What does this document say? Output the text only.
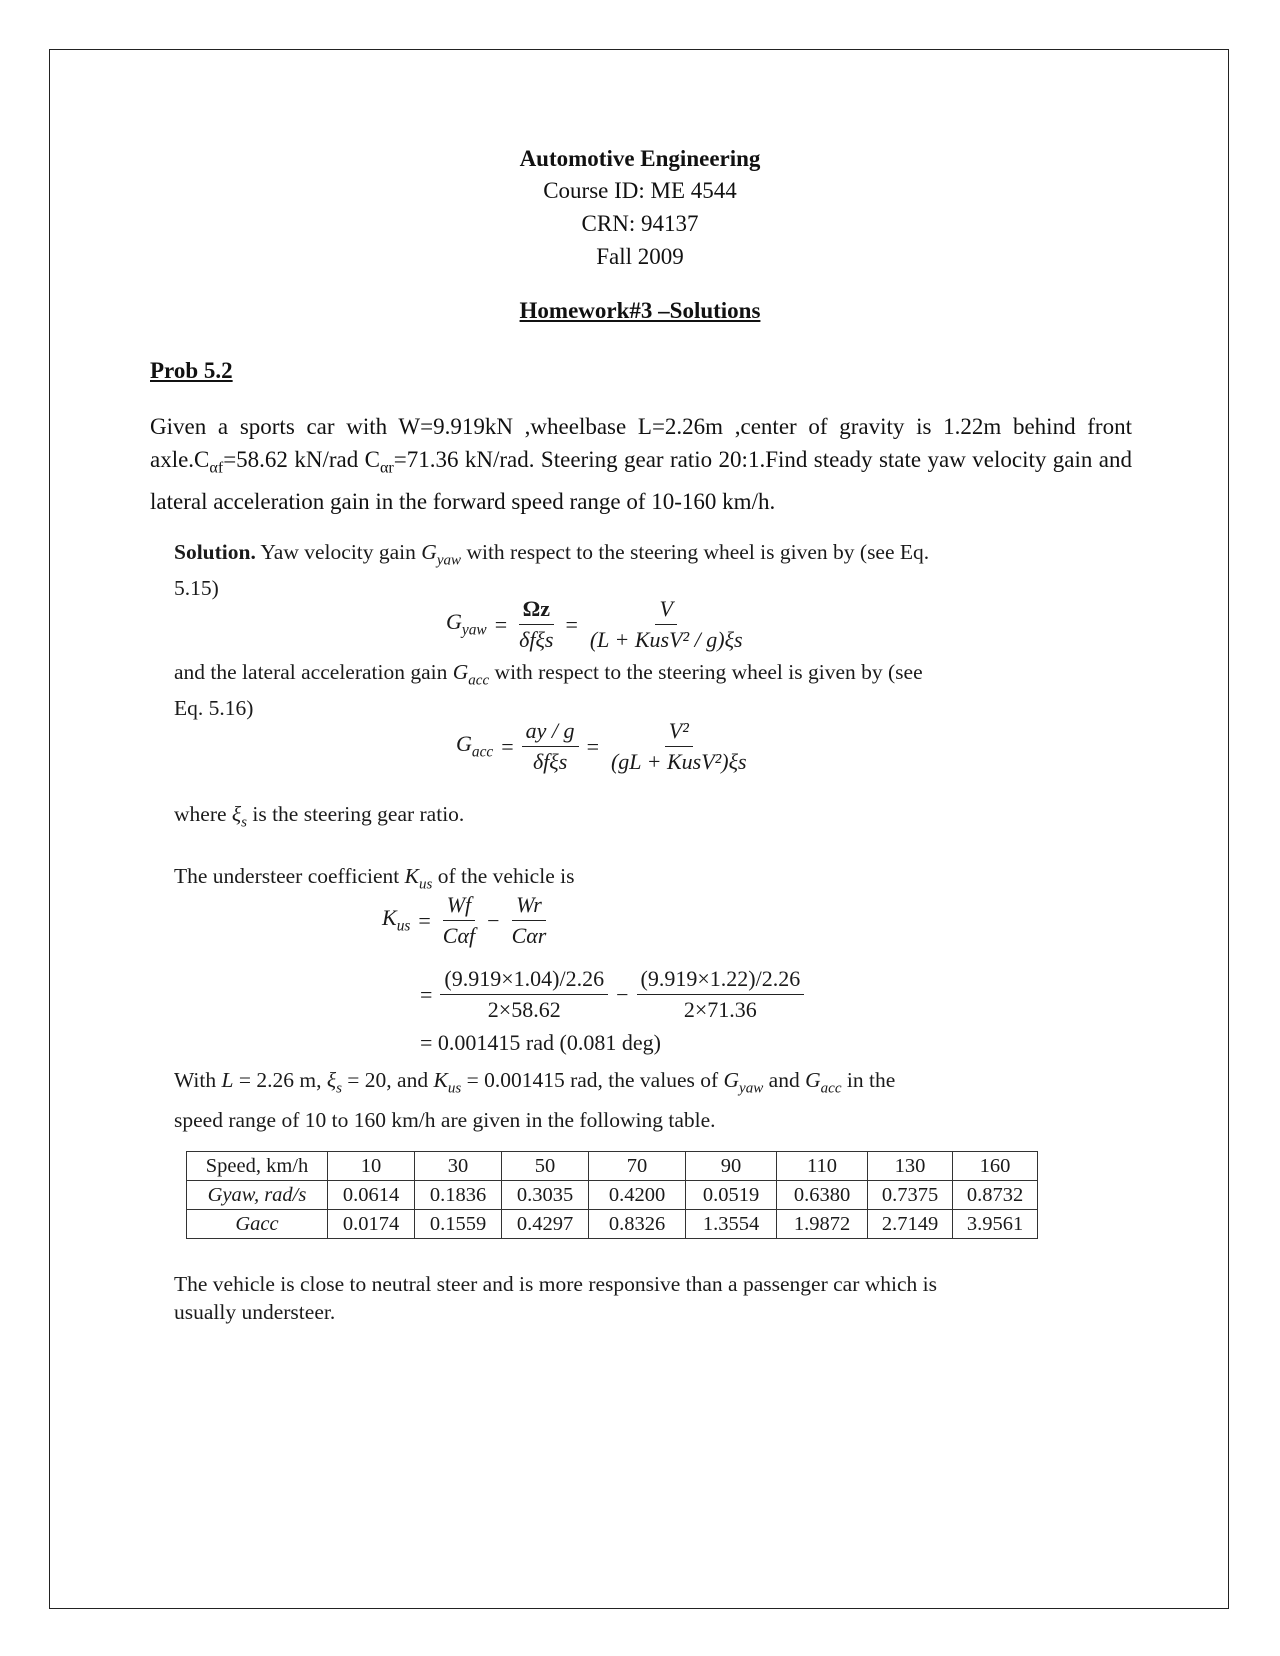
Automotive Engineering
Course ID: ME 4544
CRN: 94137
Fall 2009
Homework#3 –Solutions
Prob 5.2
Given a sports car with W=9.919kN ,wheelbase L=2.26m ,center of gravity is 1.22m behind front $axle.C_{\alpha f}=58.62$ kN/rad $C_{\alpha r}=71.36$ kN/rad. Steering gear ratio 20:1.Find steady state yaw velocity gain and lateral acceleration gain in the forward speed range of 10-160 km/h.
Solution. Yaw velocity gain $G_{yaw}$ with respect to the steering wheel is given by (see Eq.
5.15)
$G_{yaw} = \frac{\Omega z}{\text{δfξs}} = \frac{V}{\text{(L + KusV² / g)ξs}}$
and the lateral acceleration gain $G_{acc}$ with respect to the steering wheel is given by (see
Eq. 5.16)
$G_{acc} = \frac{ay / g}{\text{δfξs}} = \frac{\text{V²}}{\text{(gL + KusV²)ξs}}$
where $\xi_s$ is the steering gear ratio.
The understeer coefficient $K_{us}$ of the vehicle is
$K_{us} = \frac{Wf}{\text{Cαf}} - \frac{Wr}{\text{Cαr}}$
= $\frac{(9.919\times 1.04)/2.26}{2\times 58.62} - \frac{(9.919\times 1.22)/2.26}{2\times 71.36}$
= 0.001415 rad (0.081 deg)
With L = 2.26 m, $\xi_s = 20$, and $K_{us} = 0.001415$ rad, the values of $G_{yaw}$ and $G_{acc}$ in the
speed range of 10 to 160 km/h are given in the following table.
Speed, km/h	10	30	50	70	90	110	130	160
Gyaw, rad/s	0.0614	0.1836	0.3035	0.4200	0.0519	0.6380	0.7375	0.8732
Gacc	0.0174	0.1559	0.4297	0.8326	1.3554	1.9872	2.7149	3.9561
The vehicle is close to neutral steer and is more responsive than a passenger car which is
usually understeer.
